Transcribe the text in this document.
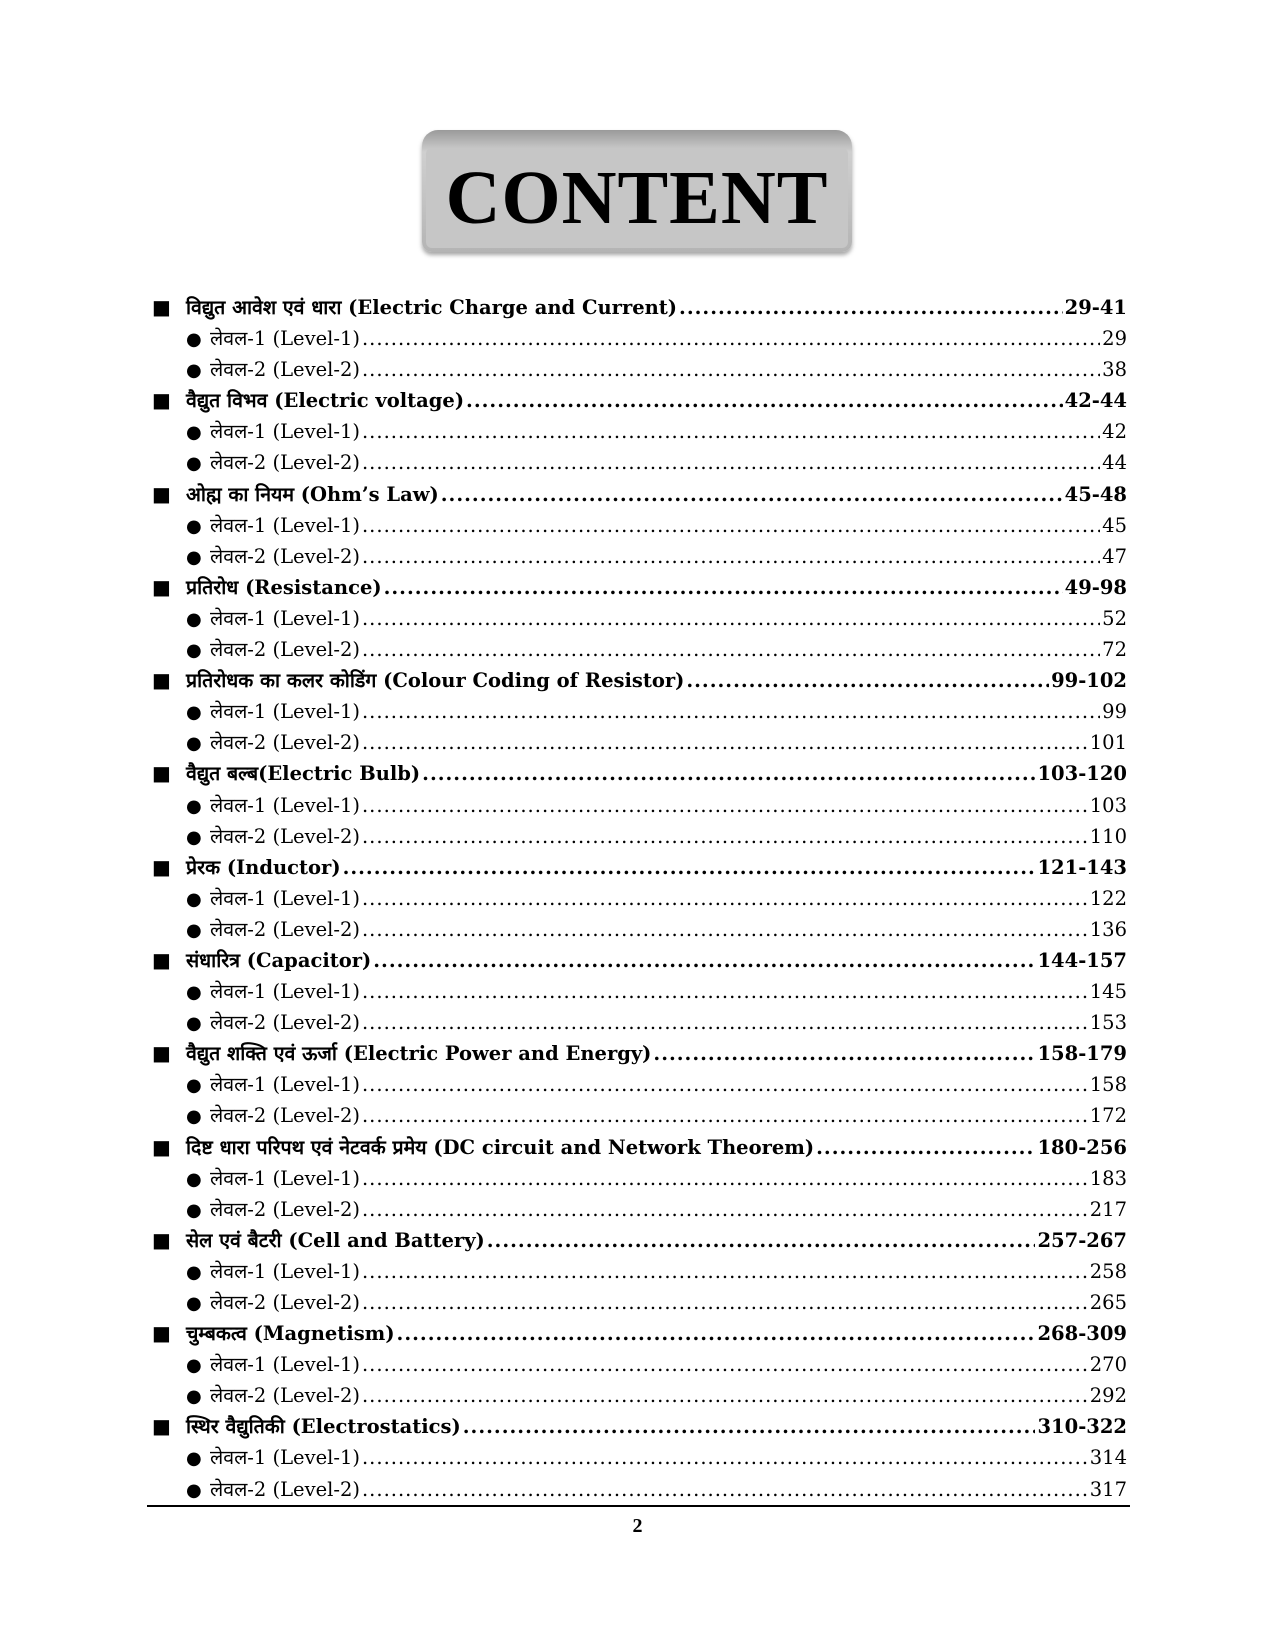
CONTENT
■ विद्युत आवेश एवं धारा (Electric Charge and Current) .....	29-41
● लेवल-1 (Level-1) .....	29
● लेवल-2 (Level-2) .....	38
■ वैद्युत विभव (Electric voltage) .....	42-44
● लेवल-1 (Level-1) .....	42
● लेवल-2 (Level-2) .....	44
■ ओह्म का नियम (Ohm’s Law) .....	45-48
● लेवल-1 (Level-1) .....	45
● लेवल-2 (Level-2) .....	47
■ प्रतिरोध (Resistance) .....	49-98
● लेवल-1 (Level-1) .....	52
● लेवल-2 (Level-2) .....	72
■ प्रतिरोधक का कलर कोडिंग (Colour Coding of Resistor) .....	99-102
● लेवल-1 (Level-1) .....	99
● लेवल-2 (Level-2) .....	101
■ वैद्युत बल्ब(Electric Bulb) .....	103-120
● लेवल-1 (Level-1) .....	103
● लेवल-2 (Level-2) .....	110
■ प्रेरक (Inductor) .....	121-143
● लेवल-1 (Level-1) .....	122
● लेवल-2 (Level-2) .....	136
■ संधारित्र (Capacitor) .....	144-157
● लेवल-1 (Level-1) .....	145
● लेवल-2 (Level-2) .....	153
■ वैद्युत शक्ति एवं ऊर्जा (Electric Power and Energy) .....	158-179
● लेवल-1 (Level-1) .....	158
● लेवल-2 (Level-2) .....	172
■ दिष्ट धारा परिपथ एवं नेटवर्क प्रमेय (DC circuit and Network Theorem) .....	180-256
● लेवल-1 (Level-1) .....	183
● लेवल-2 (Level-2) .....	217
■ सेल एवं बैटरी (Cell and Battery) .....	257-267
● लेवल-1 (Level-1) .....	258
● लेवल-2 (Level-2) .....	265
■ चुम्बकत्व (Magnetism) .....	268-309
● लेवल-1 (Level-1) .....	270
● लेवल-2 (Level-2) .....	292
■ स्थिर वैद्युतिकी (Electrostatics) .....	310-322
● लेवल-1 (Level-1) .....	314
● लेवल-2 (Level-2) .....	317
2
